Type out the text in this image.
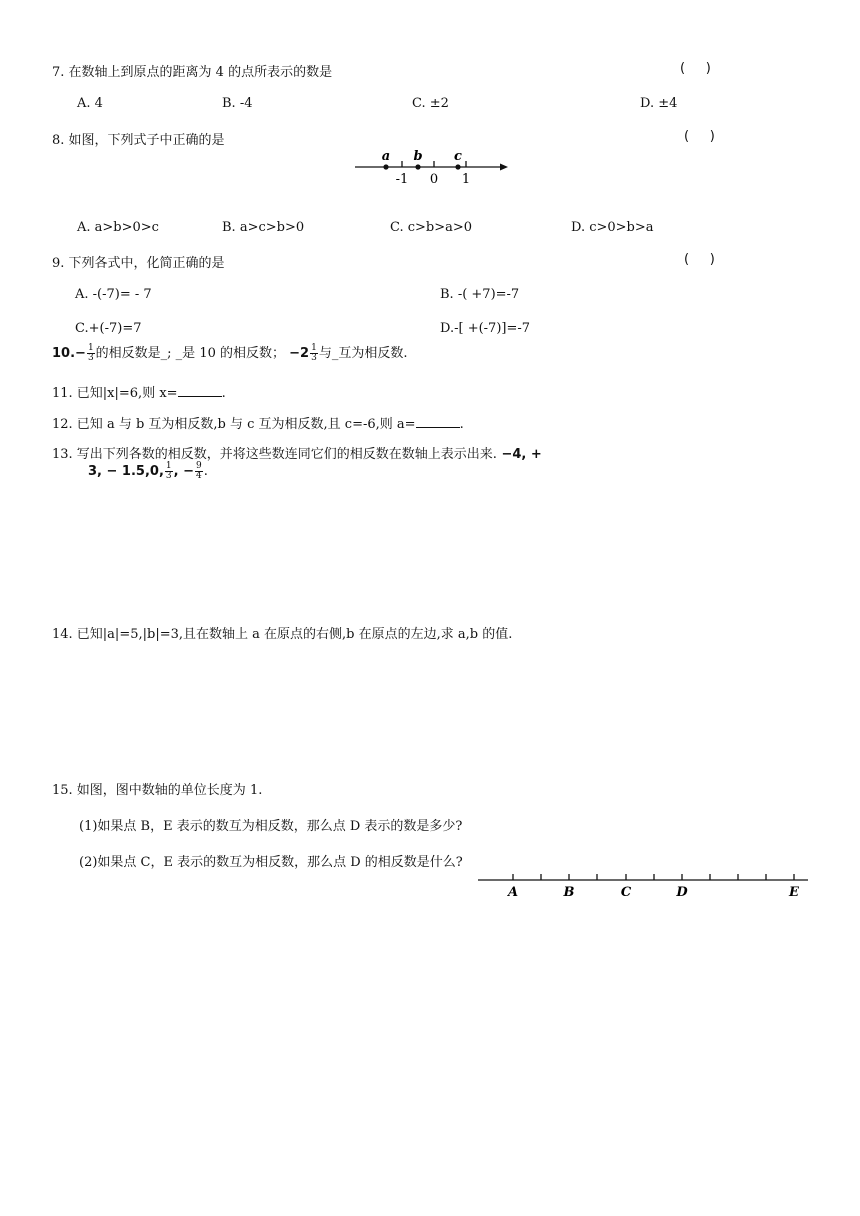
7. 在数轴上到原点的距离为 4 的点所表示的数是	(     )
A. 4	B. -4	C. ±2	D. ±4
8. 如图，下列式子中正确的是	(     )
a b c
-1 0 1
A. a>b>0>c	B. a>c>b>0	C. c>b>a>0	D. c>0>b>a
9. 下列各式中，化简正确的是	(     )
A. -(-7)= - 7	B. -( +7)=-7
C.+(-7)=7	D.-[ +(-7)]=-7
$10.- \frac{1}{3}$ 的相反数是_; _是 10 的相反数； $-2 \frac{1}{3}$ 与_互为相反数.
11. 已知|x|=6,则 x=	.
12. 已知 a 与 b 互为相反数,b 与 c 互为相反数,且 c=-6,则 a=	.
13. 写出下列各数的相反数，并将这些数连同它们的相反数在数轴上表示出来. −4, +
3, − 1.5,0, $\frac{1}{3}$ , − $\frac{9}{4}$ .
14. 已知|a|=5,|b|=3,且在数轴上 a 在原点的右侧,b 在原点的左边,求 a,b 的值.
15. 如图，图中数轴的单位长度为 1.
(1)如果点 B，E 表示的数互为相反数，那么点 D 表示的数是多少?
(2)如果点 C，E 表示的数互为相反数，那么点 D 的相反数是什么?
A	B	C	D	E
